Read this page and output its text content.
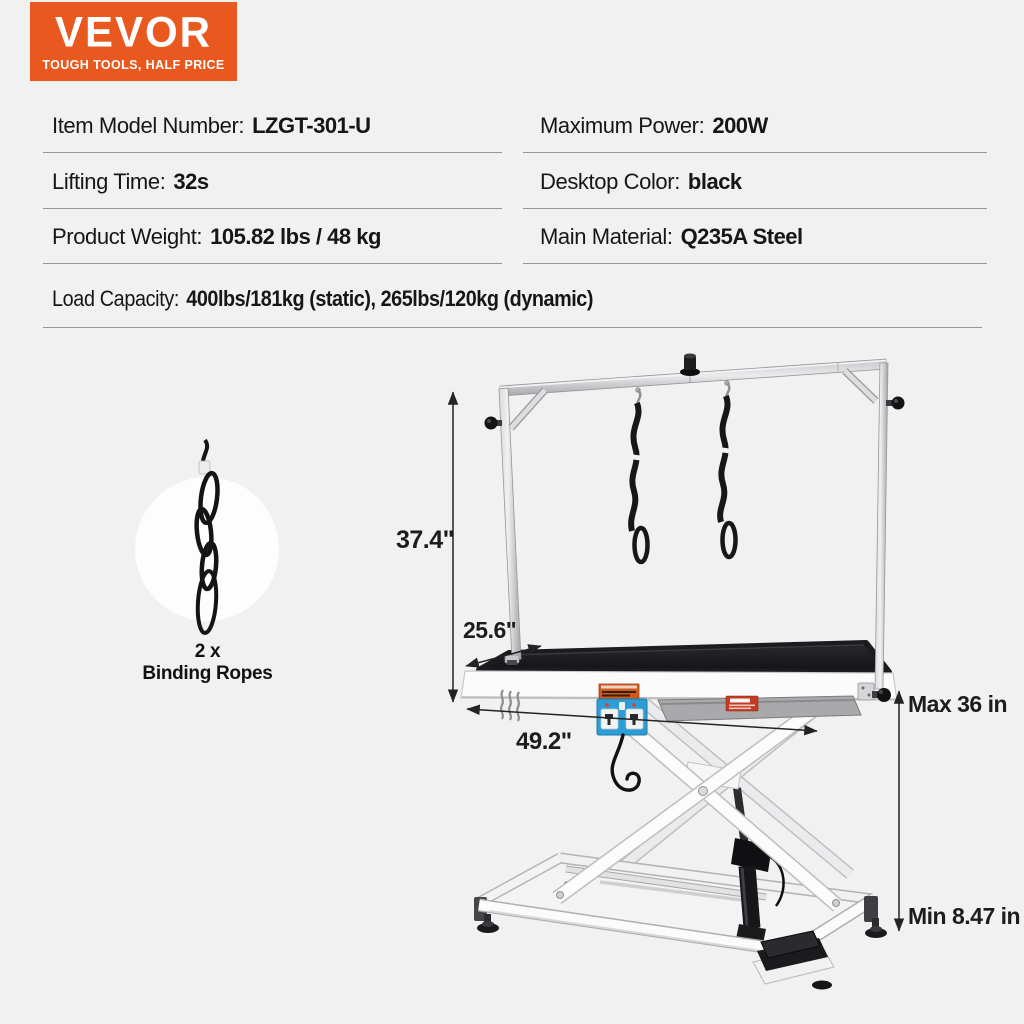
VEVOR
TOUGH TOOLS, HALF PRICE
Item Model Number: LZGT-301-U
Lifting Time: 32s
Product Weight: 105.82 lbs / 48 kg
Maximum Power: 200W
Desktop Color: black
Main Material: Q235A Steel
Load Capacity: 400lbs/181kg (static), 265lbs/120kg (dynamic)
37.4"
25.6"
49.2"
Max 36 in
Min 8.47 in
2 x
Binding Ropes
